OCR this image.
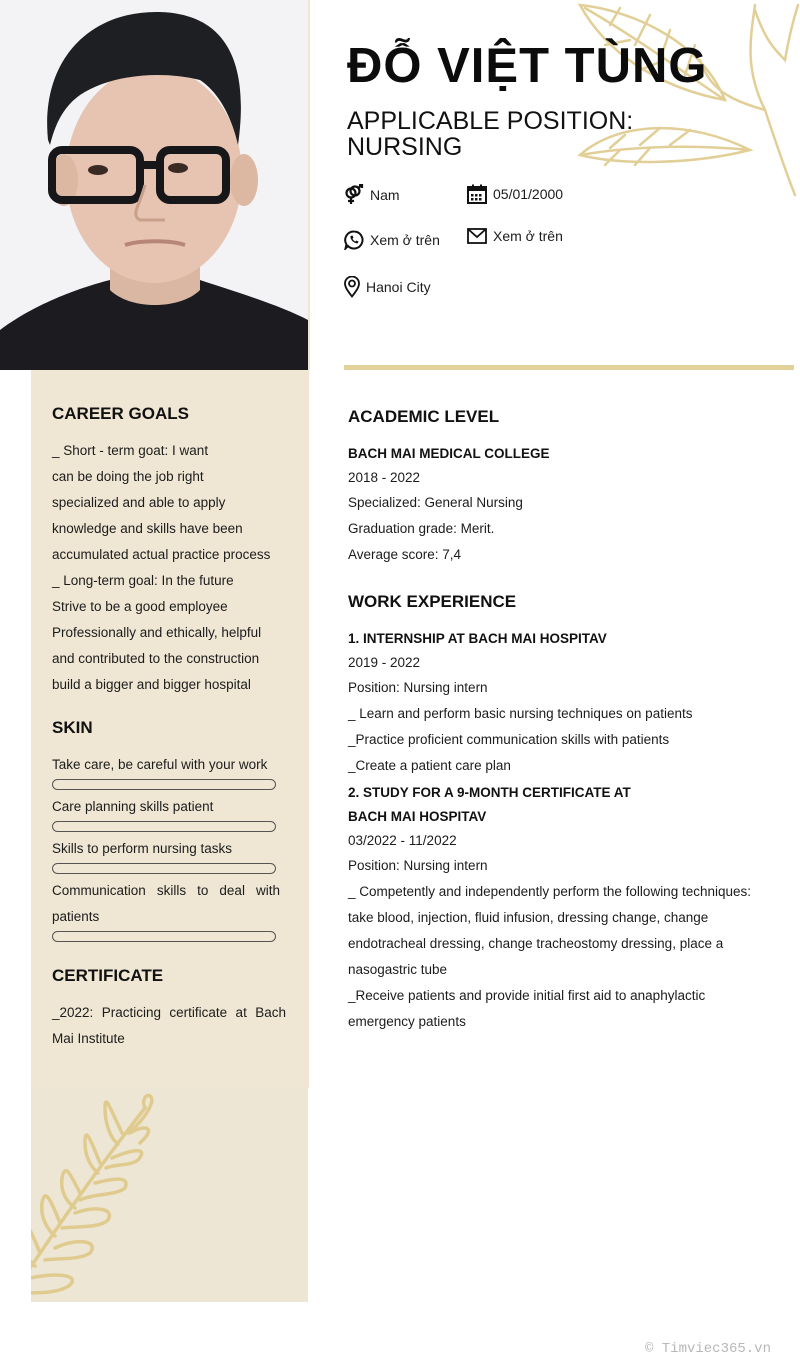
CAREER GOALS
_ Short - term goat: I want
can be doing the job right
specialized and able to apply
knowledge and skills have been
accumulated actual practice process
_ Long-term goal: In the future
Strive to be a good employee
Professionally and ethically, helpful
and contributed to the construction
build a bigger and bigger hospital
SKIN
Take care, be careful with your work
Care planning skills patient
Skills to perform nursing tasks
Communication skills to deal with patients
CERTIFICATE
_2022: Practicing certificate at Bach Mai Institute
ĐỖ VIỆT TÙNG
APPLICABLE POSITION: NURSING
Nam	05/01/2000
Xem ở trên	Xem ở trên
Hanoi City
ACADEMIC LEVEL
BACH MAI MEDICAL COLLEGE
2018 - 2022
Specialized: General Nursing
Graduation grade: Merit.
Average score: 7,4
WORK EXPERIENCE
1. INTERNSHIP AT BACH MAI HOSPITAV
2019 - 2022
Position: Nursing intern
_ Learn and perform basic nursing techniques on patients
_Practice proficient communication skills with patients
_Create a patient care plan
2. STUDY FOR A 9-MONTH CERTIFICATE AT
BACH MAI HOSPITAV
03/2022 - 11/2022
Position: Nursing intern
_ Competently and independently perform the following techniques:
take blood, injection, fluid infusion, dressing change, change
endotracheal dressing, change tracheostomy dressing, place a
nasogastric tube
_Receive patients and provide initial first aid to anaphylactic
emergency patients
© Timviec365.vn
